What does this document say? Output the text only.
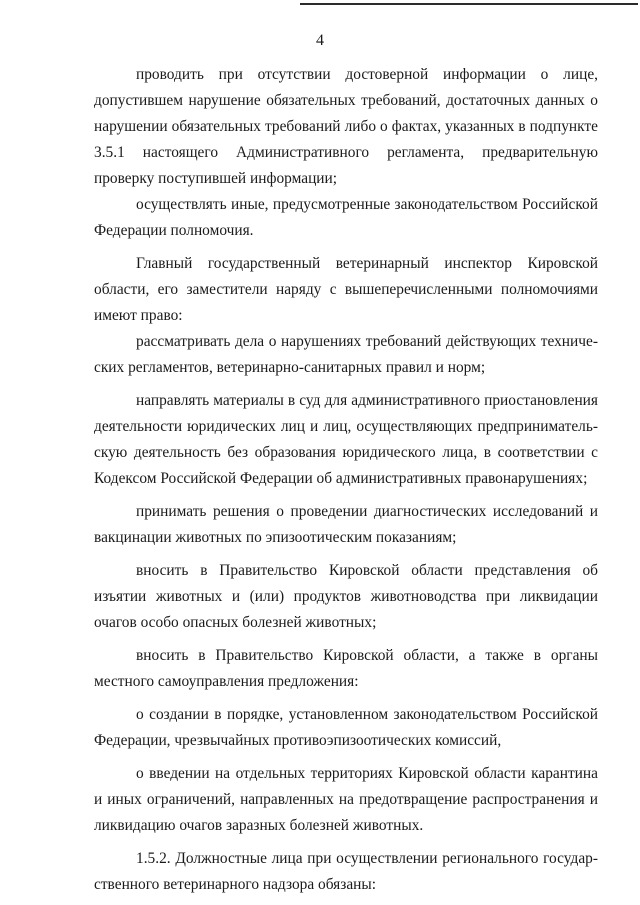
4

проводить при отсутствии достоверной информации о лице, допустившем нарушение обязательных требований, достаточных данных о нарушении обязательных требований либо о фактах, указанных в подпункте 3.5.1 настоящего Административного регламента, предварительную проверку поступившей информации;

осуществлять иные, предусмотренные законодательством Российской Федерации полномочия.

Главный государственный ветеринарный инспектор Кировской области, его заместители наряду с вышеперечисленными полномочиями имеют право:

рассматривать дела о нарушениях требований действующих технических регламентов, ветеринарно-санитарных правил и норм;

направлять материалы в суд для административного приостановления деятельности юридических лиц и лиц, осуществляющих предпринимательскую деятельность без образования юридического лица, в соответствии с Кодексом Российской Федерации об административных правонарушениях;

принимать решения о проведении диагностических исследований и вакцинации животных по эпизоотическим показаниям;

вносить в Правительство Кировской области представления об изъятии животных и (или) продуктов животноводства при ликвидации очагов особо опасных болезней животных;

вносить в Правительство Кировской области, а также в органы местного самоуправления предложения:

о создании в порядке, установленном законодательством Российской Федерации, чрезвычайных противоэпизоотических комиссий,

о введении на отдельных территориях Кировской области карантина и иных ограничений, направленных на предотвращение распространения и ликвидацию очагов заразных болезней животных.

1.5.2. Должностные лица при осуществлении регионального государственного ветеринарного надзора обязаны:
